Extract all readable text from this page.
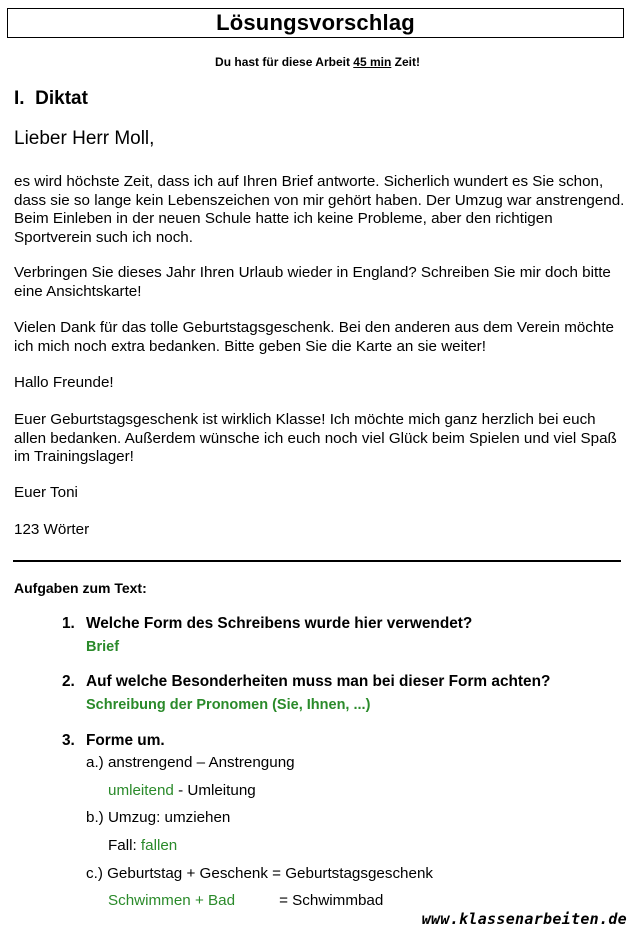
Lösungsvorschlag
Du hast für diese Arbeit 45 min Zeit!
I. Diktat
Lieber Herr Moll,
es wird höchste Zeit, dass ich auf Ihren Brief antworte. Sicherlich wundert es Sie schon, dass sie so lange kein Lebenszeichen von mir gehört haben. Der Umzug war anstrengend. Beim Einleben in der neuen Schule hatte ich keine Probleme, aber den richtigen Sportverein such ich noch.
Verbringen Sie dieses Jahr Ihren Urlaub wieder in England? Schreiben Sie mir doch bitte eine Ansichtskarte!
Vielen Dank für das tolle Geburtstagsgeschenk. Bei den anderen aus dem Verein möchte ich mich noch extra bedanken. Bitte geben Sie die Karte an sie weiter!
Hallo Freunde!
Euer Geburtstagsgeschenk ist wirklich Klasse! Ich möchte mich ganz herzlich bei euch allen bedanken. Außerdem wünsche ich euch noch viel Glück beim Spielen und viel Spaß im Trainingslager!
Euer Toni
123 Wörter
Aufgaben zum Text:
1. Welche Form des Schreibens wurde hier verwendet?
Brief
2. Auf welche Besonderheiten muss man bei dieser Form achten?
Schreibung der Pronomen (Sie, Ihnen, ...)
3. Forme um.
a.) anstrengend – Anstrengung
umleitend - Umleitung
b.) Umzug: umziehen
Fall: fallen
c.) Geburtstag + Geschenk = Geburtstagsgeschenk
Schwimmen + Bad	= Schwimmbad
www.klassenarbeiten.de
